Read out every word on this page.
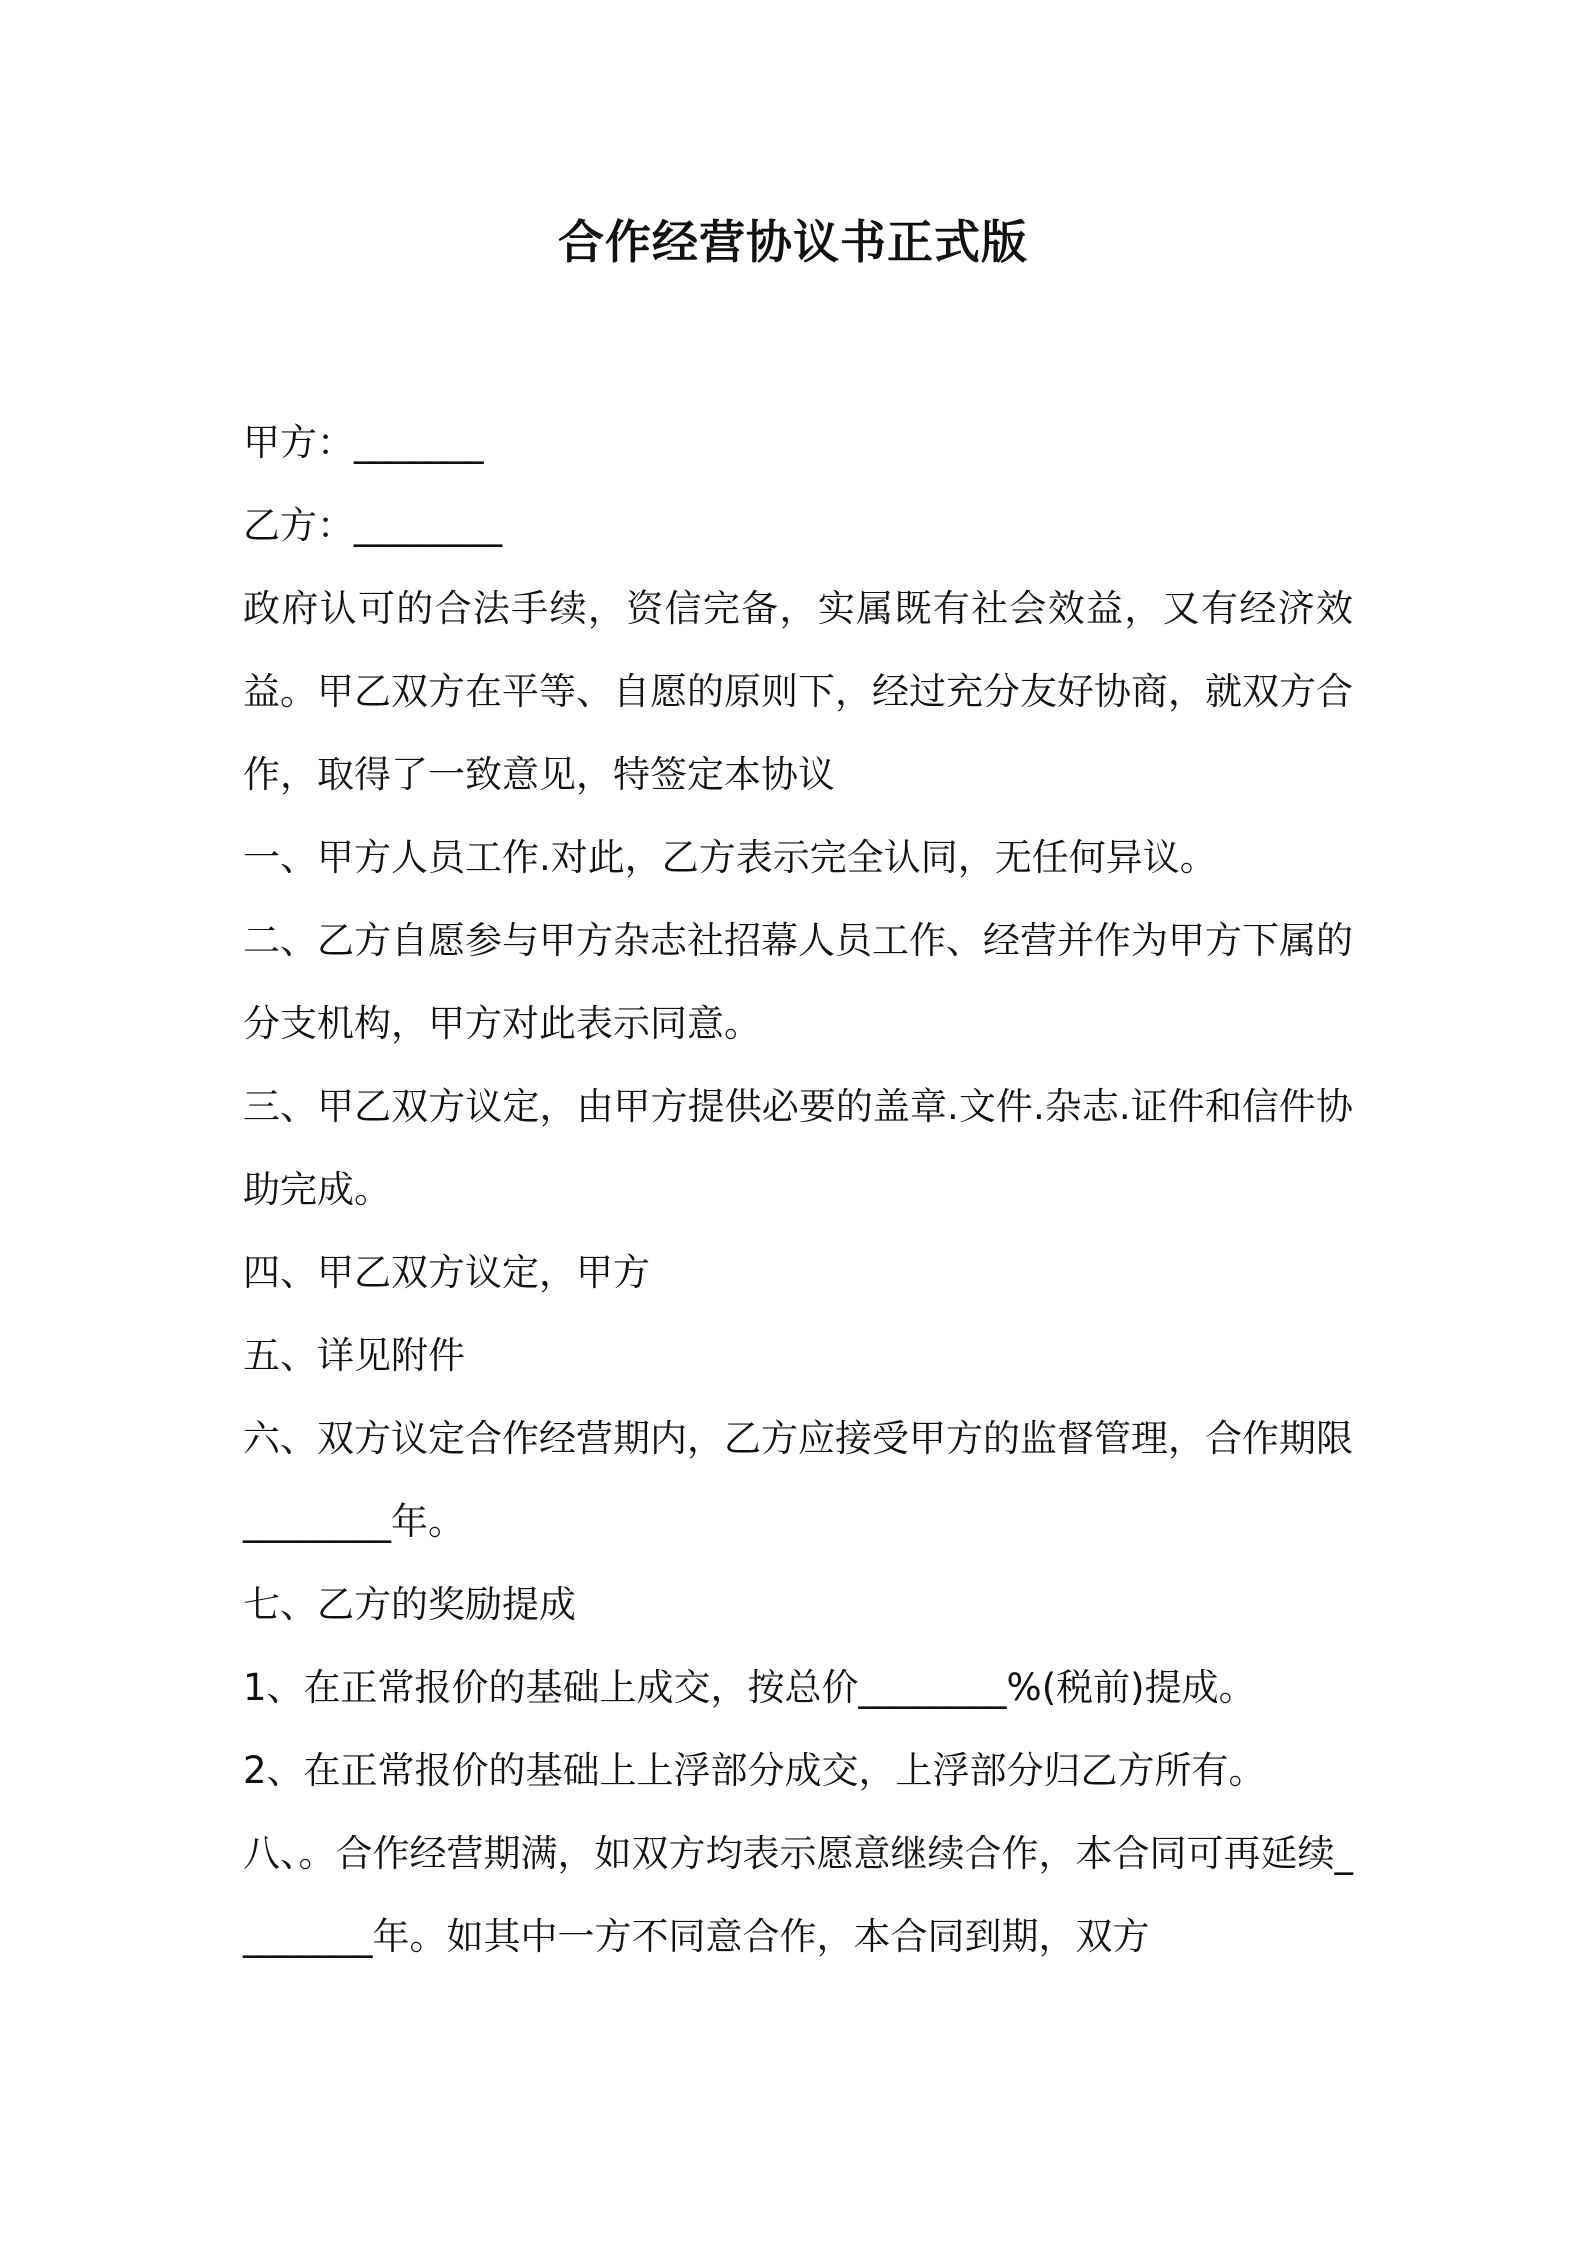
合作经营协议书正式版

甲方：_______

乙方：________

政府认可的合法手续，资信完备，实属既有社会效益，又有经济效益。甲乙双方在平等、自愿的原则下，经过充分友好协商，就双方合作，取得了一致意见，特签定本协议

一、甲方人员工作.对此，乙方表示完全认同，无任何异议。

二、乙方自愿参与甲方杂志社招幕人员工作、经营并作为甲方下属的分支机构，甲方对此表示同意。

三、甲乙双方议定，由甲方提供必要的盖章.文件.杂志.证件和信件协助完成。

四、甲乙双方议定，甲方

五、详见附件

六、双方议定合作经营期内，乙方应接受甲方的监督管理，合作期限________年。

七、乙方的奖励提成

1、在正常报价的基础上成交，按总价________%(税前)提成。

2、在正常报价的基础上上浮部分成交，上浮部分归乙方所有。

八、。合作经营期满，如双方均表示愿意继续合作，本合同可再延续________年。如其中一方不同意合作，本合同到期，双方
